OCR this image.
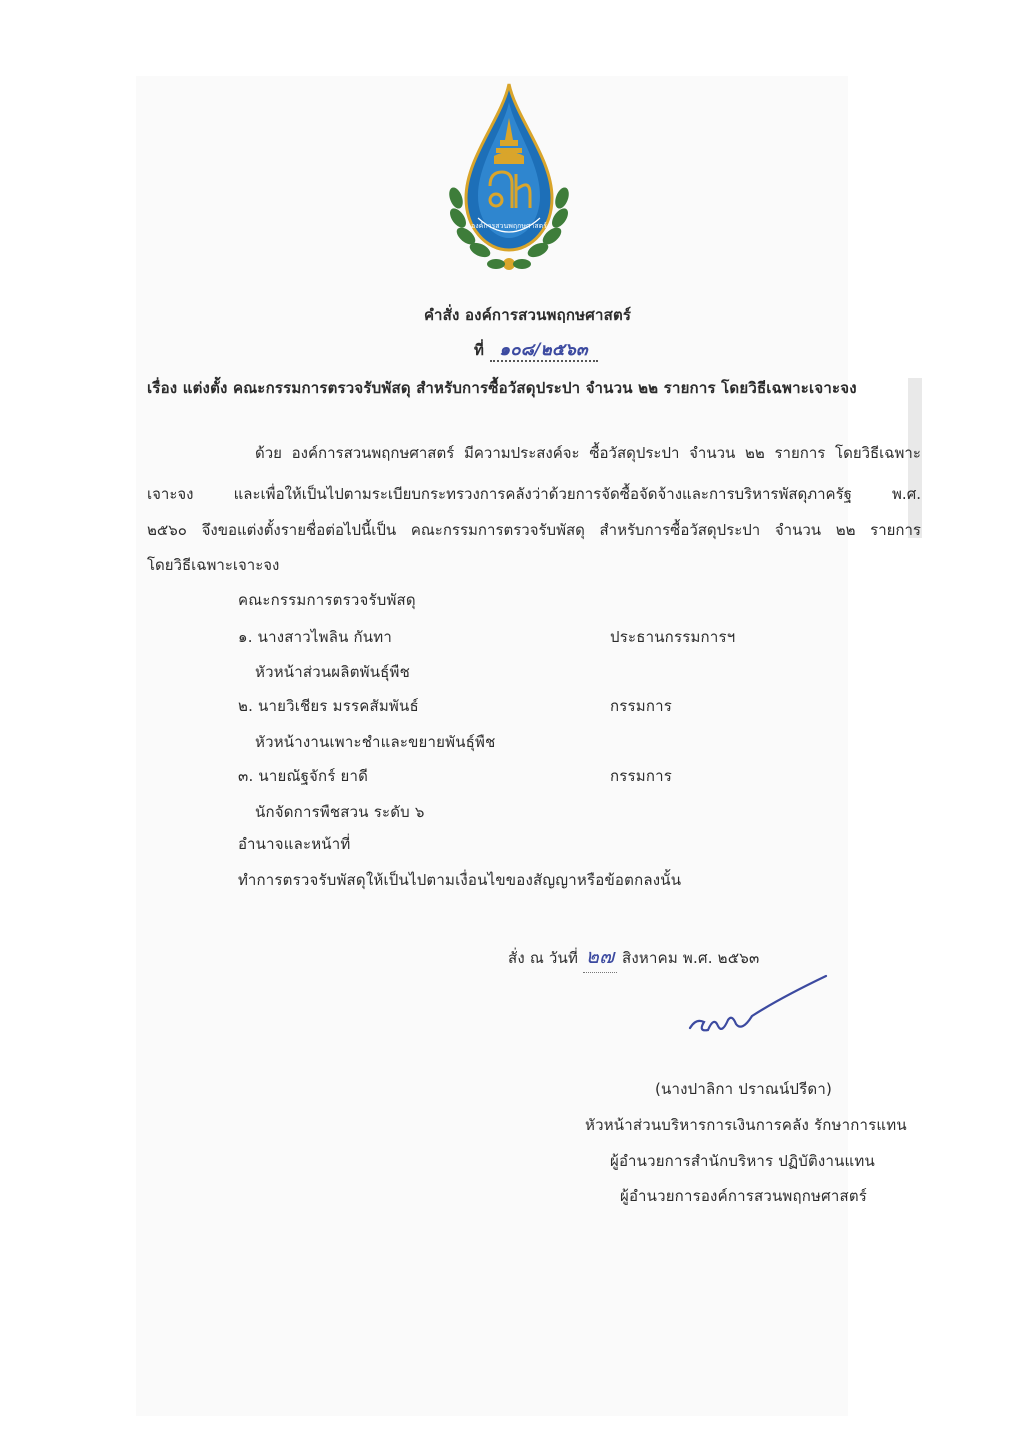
องค์การสวนพฤกษศาสตร์
คำสั่ง องค์การสวนพฤกษศาสตร์
ที่ ๑๐๘/๒๕๖๓
เรื่อง แต่งตั้ง คณะกรรมการตรวจรับพัสดุ สำหรับการซื้อวัสดุประปา จำนวน ๒๒ รายการ โดยวิธีเฉพาะเจาะจง
ด้วย องค์การสวนพฤกษศาสตร์ มีความประสงค์จะ ซื้อวัสดุประปา จำนวน ๒๒ รายการ โดยวิธีเฉพาะ
เจาะจง	และเพื่อให้เป็นไปตามระเบียบกระทรวงการคลังว่าด้วยการจัดซื้อจัดจ้างและการบริหารพัสดุภาครัฐ	พ.ศ.
๒๕๖๐ จึงขอแต่งตั้งรายชื่อต่อไปนี้เป็น คณะกรรมการตรวจรับพัสดุ สำหรับการซื้อวัสดุประปา จำนวน ๒๒ รายการ
โดยวิธีเฉพาะเจาะจง
คณะกรรมการตรวจรับพัสดุ
๑. นางสาวไพลิน กันทา	ประธานกรรมการฯ
หัวหน้าส่วนผลิตพันธุ์พืช
๒. นายวิเชียร มรรคสัมพันธ์	กรรมการ
หัวหน้างานเพาะชำและขยายพันธุ์พืช
๓. นายณัฐจักร์ ยาดี	กรรมการ
นักจัดการพืชสวน ระดับ ๖
อำนาจและหน้าที่
ทำการตรวจรับพัสดุให้เป็นไปตามเงื่อนไขของสัญญาหรือข้อตกลงนั้น
สั่ง ณ วันที่ ๒๗ สิงหาคม พ.ศ. ๒๕๖๓
(นางปาลิกา ปราณน์ปรีดา)
หัวหน้าส่วนบริหารการเงินการคลัง รักษาการแทน
ผู้อำนวยการสำนักบริหาร ปฏิบัติงานแทน
ผู้อำนวยการองค์การสวนพฤกษศาสตร์
